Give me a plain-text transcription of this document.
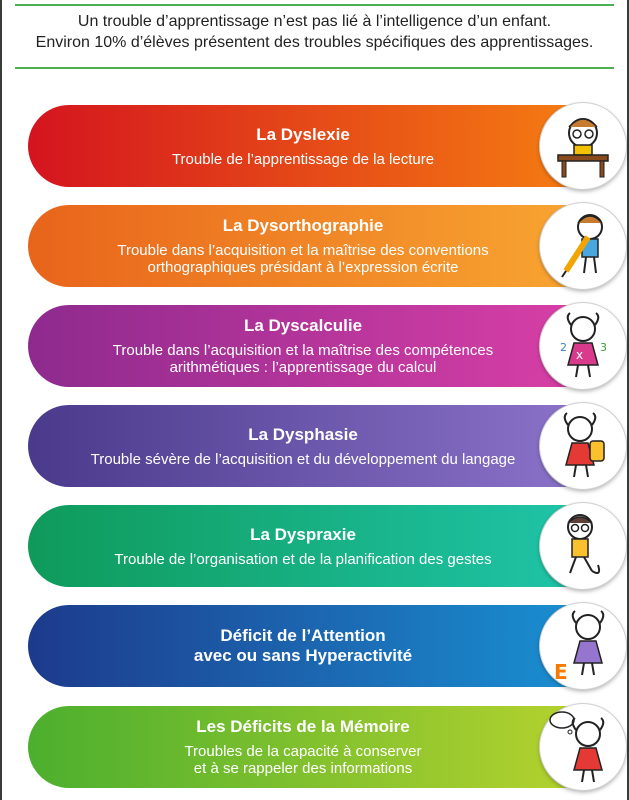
Un trouble d’apprentissage n’est pas lié à l’intelligence d’un enfant.
Environ 10% d’élèves présentent des troubles spécifiques des apprentissages.
La Dyslexie
Trouble de l’apprentissage de la lecture
La Dysorthographie
Trouble dans l’acquisition et la maîtrise des conventions
orthographiques présidant à l’expression écrite
La Dyscalculie
Trouble dans l’acquisition et la maîtrise des compétences
arithmétiques : l’apprentissage du calcul
x
2	3
La Dysphasie
Trouble sévère de l’acquisition et du développement du langage
La Dyspraxie
Trouble de l’organisation et de la planification des gestes
Déficit de l’Attention
avec ou sans Hyperactivité
E
Les Déficits de la Mémoire
Troubles de la capacité à conserver
et à se rappeler des informations
